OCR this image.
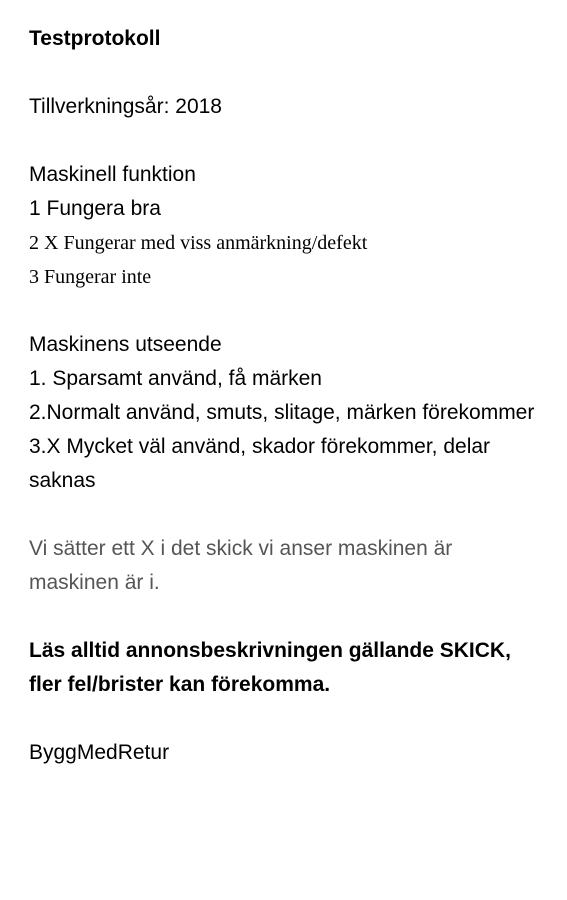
Testprotokoll
Tillverkningsår: 2018
Maskinell funktion
1 Fungera bra
2 X Fungerar med viss anmärkning/defekt
3 Fungerar inte
Maskinens utseende
1. Sparsamt använd, få märken
2.Normalt använd, smuts, slitage, märken förekommer
3.X Mycket väl använd, skador förekommer, delar saknas
Vi sätter ett X i det skick vi anser maskinen är maskinen är i.
Läs alltid annonsbeskrivningen gällande SKICK, fler fel/brister kan förekomma.
ByggMedRetur
